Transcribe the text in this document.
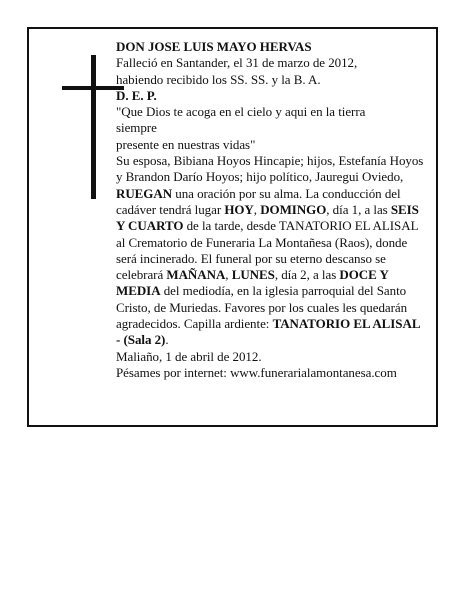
DON JOSE LUIS MAYO HERVAS

Falleció en Santander, el 31 de marzo de 2012,
habiendo recibido los SS. SS. y la B. A.

D. E. P.

"Que Dios te acoga en el cielo y aqui en la tierra
siempre
presente en nuestras vidas"

Su esposa, Bibiana Hoyos Hincapie; hijos, Estefanía Hoyos y Brandon Darío Hoyos; hijo político, Jauregui Oviedo,

RUEGAN una oración por su alma. La conducción del cadáver tendrá lugar HOY, DOMINGO, día 1, a las SEIS Y CUARTO de la tarde, desde TANATORIO EL ALISAL al Crematorio de Funeraria La Montañesa (Raos), donde será incinerado. El funeral por su eterno descanso se celebrará MAÑANA, LUNES, día 2, a las DOCE Y MEDIA del mediodía, en la iglesia parroquial del Santo Cristo, de Muriedas. Favores por los cuales les quedarán agradecidos. Capilla ardiente: TANATORIO EL ALISAL - (Sala 2).

Maliaño, 1 de abril de 2012.

Pésames por internet: www.funerarialamontanesa.com
